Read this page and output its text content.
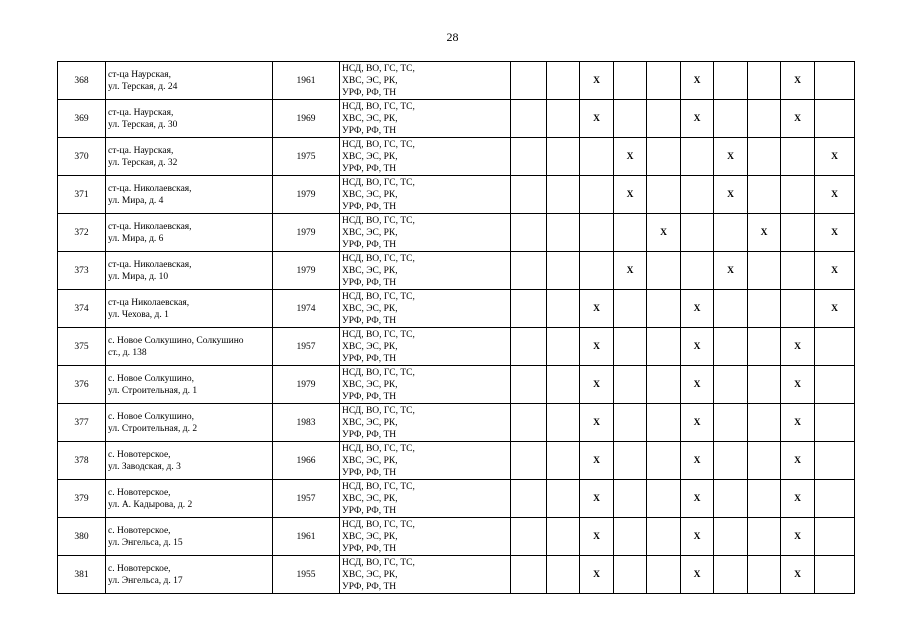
28
368	ст-ца Наурская,
ул. Терская, д. 24	1961	НСД, ВО, ГС, ТС,
ХВС, ЭС, РК,
УРФ, РФ, ТН			Х			Х			Х	
369	ст-ца. Наурская,
ул. Терская, д. 30	1969	НСД, ВО, ГС, ТС,
ХВС, ЭС, РК,
УРФ, РФ, ТН			Х			Х			Х	
370	ст-ца. Наурская,
ул. Терская, д. 32	1975	НСД, ВО, ГС, ТС,
ХВС, ЭС, РК,
УРФ, РФ, ТН				Х			Х			Х
371	ст-ца. Николаевская,
ул. Мира, д. 4	1979	НСД, ВО, ГС, ТС,
ХВС, ЭС, РК,
УРФ, РФ, ТН				Х			Х			Х
372	ст-ца. Николаевская,
ул. Мира, д. 6	1979	НСД, ВО, ГС, ТС,
ХВС, ЭС, РК,
УРФ, РФ, ТН					Х			Х		Х
373	ст-ца. Николаевская,
ул. Мира, д. 10	1979	НСД, ВО, ГС, ТС,
ХВС, ЭС, РК,
УРФ, РФ, ТН				Х			Х			Х
374	ст-ца Николаевская,
ул. Чехова, д. 1	1974	НСД, ВО, ГС, ТС,
ХВС, ЭС, РК,
УРФ, РФ, ТН			Х			Х				Х
375	с. Новое Солкушино, Солкушино
ст., д. 138	1957	НСД, ВО, ГС, ТС,
ХВС, ЭС, РК,
УРФ, РФ, ТН			Х			Х			Х	
376	с. Новое Солкушино,
ул. Строительная, д. 1	1979	НСД, ВО, ГС, ТС,
ХВС, ЭС, РК,
УРФ, РФ, ТН			Х			Х			Х	
377	с. Новое Солкушино,
ул. Строительная, д. 2	1983	НСД, ВО, ГС, ТС,
ХВС, ЭС, РК,
УРФ, РФ, ТН			Х			Х			Х	
378	с. Новотерское,
ул. Заводская, д. 3	1966	НСД, ВО, ГС, ТС,
ХВС, ЭС, РК,
УРФ, РФ, ТН			Х			Х			Х	
379	с. Новотерское,
ул. А. Кадырова, д. 2	1957	НСД, ВО, ГС, ТС,
ХВС, ЭС, РК,
УРФ, РФ, ТН			Х			Х			Х	
380	с. Новотерское,
ул. Энгельса, д. 15	1961	НСД, ВО, ГС, ТС,
ХВС, ЭС, РК,
УРФ, РФ, ТН			Х			Х			Х	
381	с. Новотерское,
ул. Энгельса, д. 17	1955	НСД, ВО, ГС, ТС,
ХВС, ЭС, РК,
УРФ, РФ, ТН			Х			Х			Х	
